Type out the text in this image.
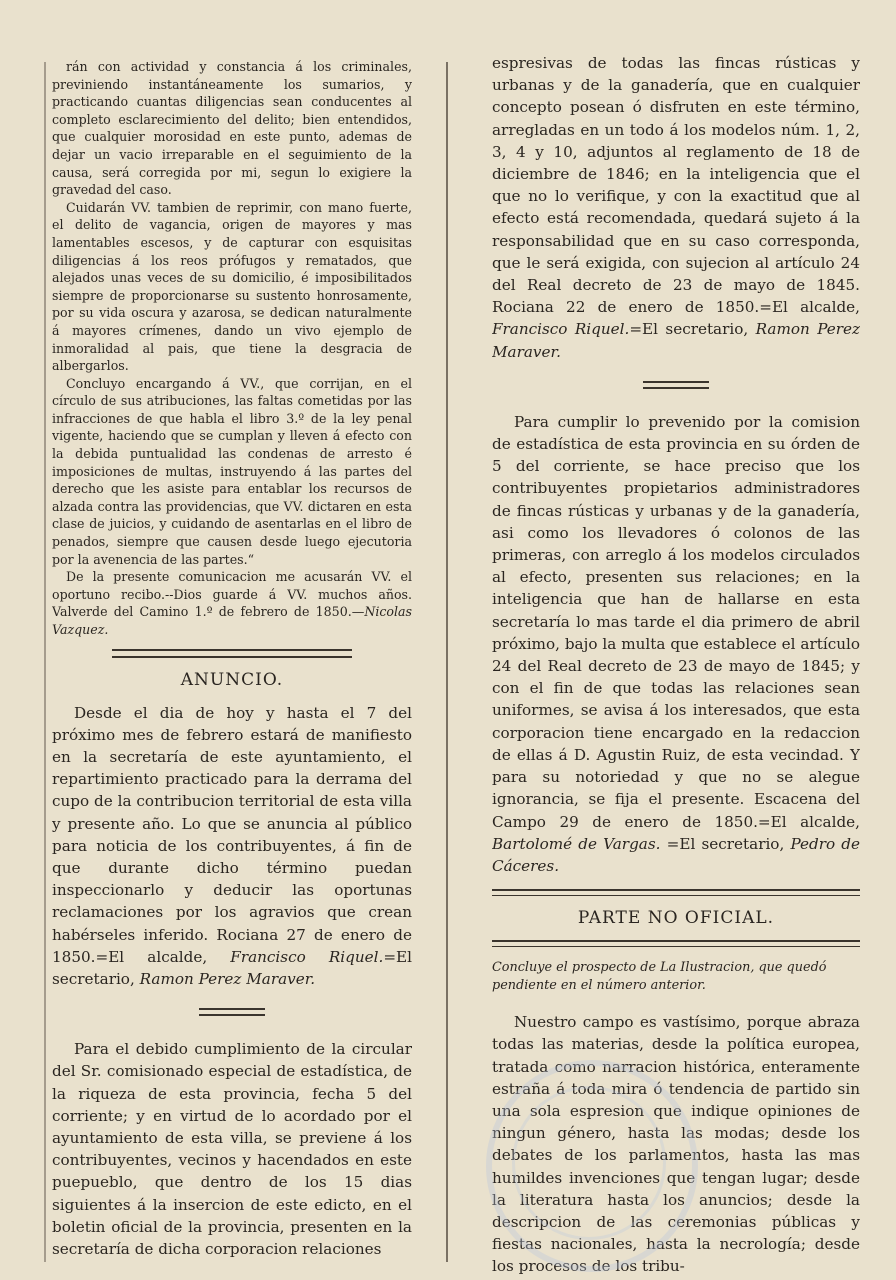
rán con actividad y constancia á los criminales, previniendo instantáneamente los sumarios, y practicando cuantas diligencias sean conducentes al completo esclarecimiento del delito; bien entendidos, que cualquier morosidad en este punto, ademas de dejar un vacio irreparable en el seguimiento de la causa, será corregida por mi, segun lo exigiere la gravedad del caso.

Cuidarán VV. tambien de reprimir, con mano fuerte, el delito de vagancia, origen de mayores y mas lamentables escesos, y de capturar con esquisitas diligencias á los reos prófugos y rematados, que alejados unas veces de su domicilio, é imposibilitados siempre de proporcionarse su sustento honrosamente, por su vida oscura y azarosa, se dedican naturalmente á mayores crímenes, dando un vivo ejemplo de inmoralidad al pais, que tiene la desgracia de albergarlos.

Concluyo encargando á VV., que corrijan, en el círculo de sus atribuciones, las faltas cometidas por las infracciones de que habla el libro 3.º de la ley penal vigente, haciendo que se cumplan y lleven á efecto con la debida puntualidad las condenas de arresto é imposiciones de multas, instruyendo á las partes del derecho que les asiste para entablar los recursos de alzada contra las providencias, que VV. dictaren en esta clase de juicios, y cuidando de asentarlas en el libro de penados, siempre que causen desde luego ejecutoria por la avenencia de las partes.“

De la presente comunicacion me acusarán VV. el oportuno recibo.--Dios guarde á VV. muchos años. Valverde del Camino 1.º de febrero de 1850.—Nicolas Vazquez.

ANUNCIO.

Desde el dia de hoy y hasta el 7 del próximo mes de febrero estará de manifiesto en la secretaría de este ayuntamiento, el repartimiento practicado para la derrama del cupo de la contribucion territorial de esta villa y presente año. Lo que se anuncia al público para noticia de los contribuyentes, á fin de que durante dicho término puedan inspeccionarlo y deducir las oportunas reclamaciones por los agravios que crean habérseles inferido. Rociana 27 de enero de 1850.=El alcalde, Francisco Riquel.=El secretario, Ramon Perez Maraver.

Para el debido cumplimiento de la circular del Sr. comisionado especial de estadística, de la riqueza de esta provincia, fecha 5 del corriente; y en virtud de lo acordado por el ayuntamiento de esta villa, se previene á los contribuyentes, vecinos y hacendados en este puepueblo, que dentro de los 15 dias siguientes á la insercion de este edicto, en el boletin oficial de la provincia, presenten en la secretaría de dicha corporacion relaciones

espresivas de todas las fincas rústicas y urbanas y de la ganadería, que en cualquier concepto posean ó disfruten en este término, arregladas en un todo á los modelos núm. 1, 2, 3, 4 y 10, adjuntos al reglamento de 18 de diciembre de 1846; en la inteligencia que el que no lo verifique, y con la exactitud que al efecto está recomendada, quedará sujeto á la responsabilidad que en su caso corresponda, que le será exigida, con sujecion al artículo 24 del Real decreto de 23 de mayo de 1845. Rociana 22 de enero de 1850.=El alcalde, Francisco Riquel.=El secretario, Ramon Perez Maraver.

Para cumplir lo prevenido por la comision de estadística de esta provincia en su órden de 5 del corriente, se hace preciso que los contribuyentes propietarios administradores de fincas rústicas y urbanas y de la ganadería, asi como los llevadores ó colonos de las primeras, con arreglo á los modelos circulados al efecto, presenten sus relaciones; en la inteligencia que han de hallarse en esta secretaría lo mas tarde el dia primero de abril próximo, bajo la multa que establece el artículo 24 del Real decreto de 23 de mayo de 1845; y con el fin de que todas las relaciones sean uniformes, se avisa á los interesados, que esta corporacion tiene encargado en la redaccion de ellas á D. Agustin Ruiz, de esta vecindad. Y para su notoriedad y que no se alegue ignorancia, se fija el presente. Escacena del Campo 29 de enero de 1850.=El alcalde, Bartolomé de Vargas. =El secretario, Pedro de Cáceres.

PARTE NO OFICIAL.
Concluye el prospecto de La Ilustracion, que quedó pendiente en el número anterior.

Nuestro campo es vastísimo, porque abraza todas las materias, desde la política europea, tratada como narracion histórica, enteramente estraña á toda mira ó tendencia de partido sin una sola espresion que indique opiniones de ningun género, hasta las modas; desde los debates de los parlamentos, hasta las mas humildes invenciones que tengan lugar; desde la literatura hasta los anuncios; desde la descripcion de las ceremonias públicas y fiestas nacionales, hasta la necrología; desde los procesos de los tribu-
